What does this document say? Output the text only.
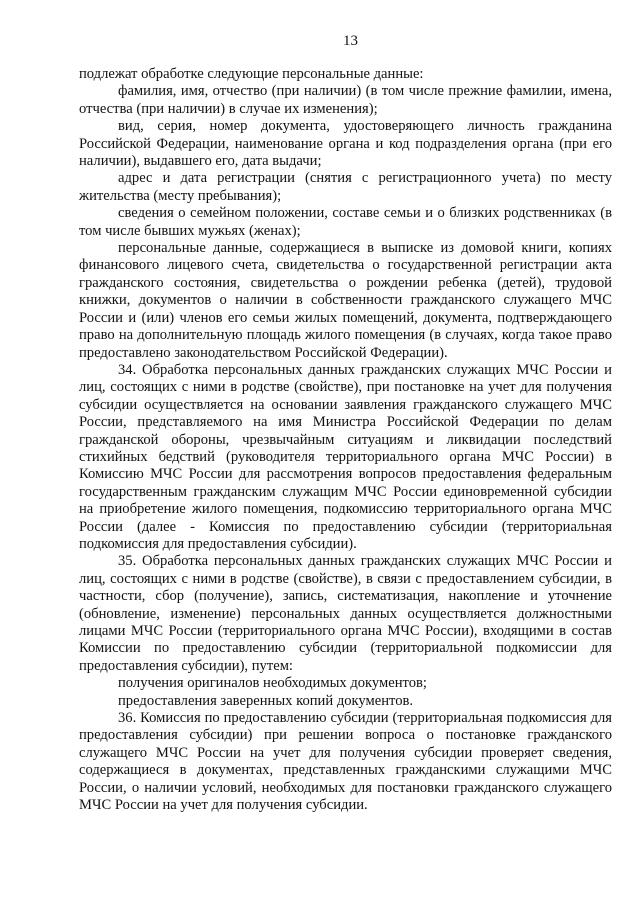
13

подлежат обработке следующие персональные данные:

фамилия, имя, отчество (при наличии) (в том числе прежние фамилии, имена, отчества (при наличии) в случае их изменения);

вид, серия, номер документа, удостоверяющего личность гражданина Российской Федерации, наименование органа и код подразделения органа (при его наличии), выдавшего его, дата выдачи;

адрес и дата регистрации (снятия с регистрационного учета) по месту жительства (месту пребывания);

сведения о семейном положении, составе семьи и о близких родственниках (в том числе бывших мужьях (женах);

персональные данные, содержащиеся в выписке из домовой книги, копиях финансового лицевого счета, свидетельства о государственной регистрации акта гражданского состояния, свидетельства о рождении ребенка (детей), трудовой книжки, документов о наличии в собственности гражданского служащего МЧС России и (или) членов его семьи жилых помещений, документа, подтверждающего право на дополнительную площадь жилого помещения (в случаях, когда такое право предоставлено законодательством Российской Федерации).

34. Обработка персональных данных гражданских служащих МЧС России и лиц, состоящих с ними в родстве (свойстве), при постановке на учет для получения субсидии осуществляется на основании заявления гражданского служащего МЧС России, представляемого на имя Министра Российской Федерации по делам гражданской обороны, чрезвычайным ситуациям и ликвидации последствий стихийных бедствий (руководителя территориального органа МЧС России) в Комиссию МЧС России для рассмотрения вопросов предоставления федеральным государственным гражданским служащим МЧС России единовременной субсидии на приобретение жилого помещения, подкомиссию территориального органа МЧС России (далее - Комиссия по предоставлению субсидии (территориальная подкомиссия для предоставления субсидии).

35. Обработка персональных данных гражданских служащих МЧС России и лиц, состоящих с ними в родстве (свойстве), в связи с предоставлением субсидии, в частности, сбор (получение), запись, систематизация, накопление и уточнение (обновление, изменение) персональных данных осуществляется должностными лицами МЧС России (территориального органа МЧС России), входящими в состав Комиссии по предоставлению субсидии (территориальной подкомиссии для предоставления субсидии), путем:

получения оригиналов необходимых документов;

предоставления заверенных копий документов.

36. Комиссия по предоставлению субсидии (территориальная подкомиссия для предоставления субсидии) при решении вопроса о постановке гражданского служащего МЧС России на учет для получения субсидии проверяет сведения, содержащиеся в документах, представленных гражданскими служащими МЧС России, о наличии условий, необходимых для постановки гражданского служащего МЧС России на учет для получения субсидии.
